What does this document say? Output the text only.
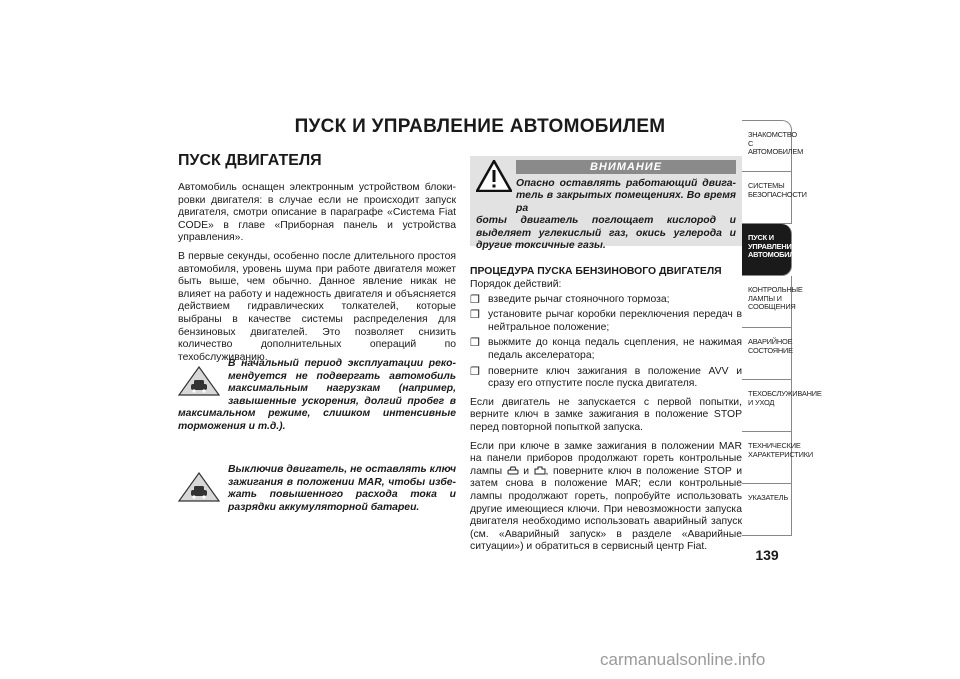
ПУСК И УПРАВЛЕНИЕ АВТОМОБИЛЕМ
ПУСК ДВИГАТЕЛЯ

Автомобиль оснащен электронным устройством блокировки двигателя: в случае если не происходит запуск двигателя, смотри описание в параграфе «Система Fiat CODE» в главе «Приборная панель и устройства управления».

В первые секунды, особенно после длительного простоя автомобиля, уровень шума при работе двигателя может быть выше, чем обычно. Данное явление никак не влияет на работу и надежность двигателя и объясняется действием гидравлических толкателей, которые выбраны в качестве системы распределения для бензиновых двигателей. Это позволяет снизить количество дополнительных операций по техобслуживанию.

В начальный период эксплуатации рекомендуется не подвергать автомобиль максимальным нагрузкам (например, завышенные ускорения, долгий пробег в максимальном режиме, слишком интенсивные торможения и т.д.).
Выключив двигатель, не оставлять ключ зажигания в положении MAR, чтобы избежать повышенного расхода тока и разрядки аккумуляторной батареи.
ВНИМАНИЕ
Опасно оставлять работающий двигатель в закрытых помещениях. Во время ра
боты двигатель поглощает кислород и выделяет углекислый газ, окись углерода и другие токсичные газы.
ПРОЦЕДУРА ПУСКА БЕНЗИНОВОГО ДВИГАТЕЛЯ

Порядок действий:

❐ взведите рычаг стояночного тормоза;
❐ установите рычаг коробки переключения передач в нейтральное положение;
❐ выжмите до конца педаль сцепления, не нажимая педаль акселератора;
❐ поверните ключ зажигания в положение AVV и сразу его отпустите после пуска двигателя.

Если двигатель не запускается с первой попытки, верните ключ в замке зажигания в положение STOP перед повторной попыткой запуска.

Если при ключе в замке зажигания в положении MAR на панели приборов продолжают гореть контрольные лампы и , поверните ключ в положение STOP и затем снова в положение MAR; если контрольные лампы продолжают гореть, попробуйте использовать другие имеющиеся ключи. При невозможности запуска двигателя необходимо использовать аварийный запуск (см. «Аварийный запуск» в разделе «Аварийные ситуации») и обратиться в сервисный центр Fiat.

ЗНАКОМСТВО С АВТОМОБИЛЕМ
СИСТЕМЫ БЕЗОПАСНОСТИ
ПУСК И УПРАВЛЕНИЕ АВТОМОБИЛЕМ
КОНТРОЛЬНЫЕ ЛАМПЫ И СООБЩЕНИЯ
АВАРИЙНОЕ СОСТОЯНИЕ
ТЕХОБСЛУЖИВАНИЕ И УХОД
ТЕХНИЧЕСКИЕ ХАРАКТЕРИСТИКИ
УКАЗАТЕЛЬ
139
carmanualsonline.info
